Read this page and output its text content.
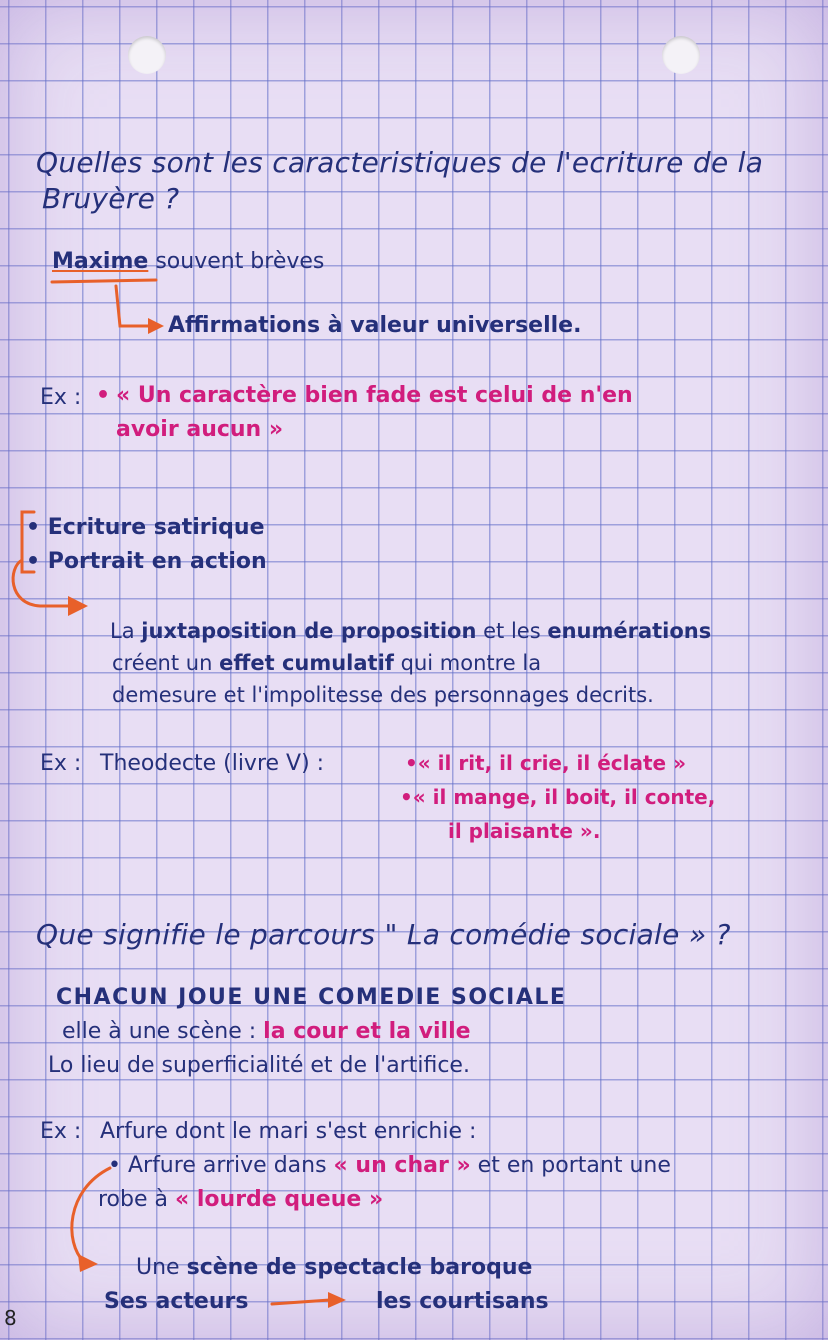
Quelles sont les caracteristiques de l'ecriture de la
Bruyère ?
Maxime souvent brèves
Affirmations à valeur universelle.
Ex : • « Un caractère bien fade est celui de n'en
avoir aucun »
• Ecriture satirique
• Portrait en action
La juxtaposition de proposition et les enumérations
créent un effet cumulatif qui montre la
demesure et l'impolitesse des personnages decrits.
Ex : Theodecte (livre V) :	•« il rit, il crie, il éclate »
•« il mange, il boit, il conte,
il plaisante ».
Que signifie le parcours " La comédie sociale » ?
CHACUN JOUE UNE COMEDIE SOCIALE
elle à une scène : la cour et la ville
Lo lieu de superficialité et de l'artifice.
Ex : Arfure dont le mari s'est enrichie :
• Arfure arrive dans « un char » et en portant une
robe à « lourde queue »
Une scène de spectacle baroque
Ses acteurs	les courtisans
8
